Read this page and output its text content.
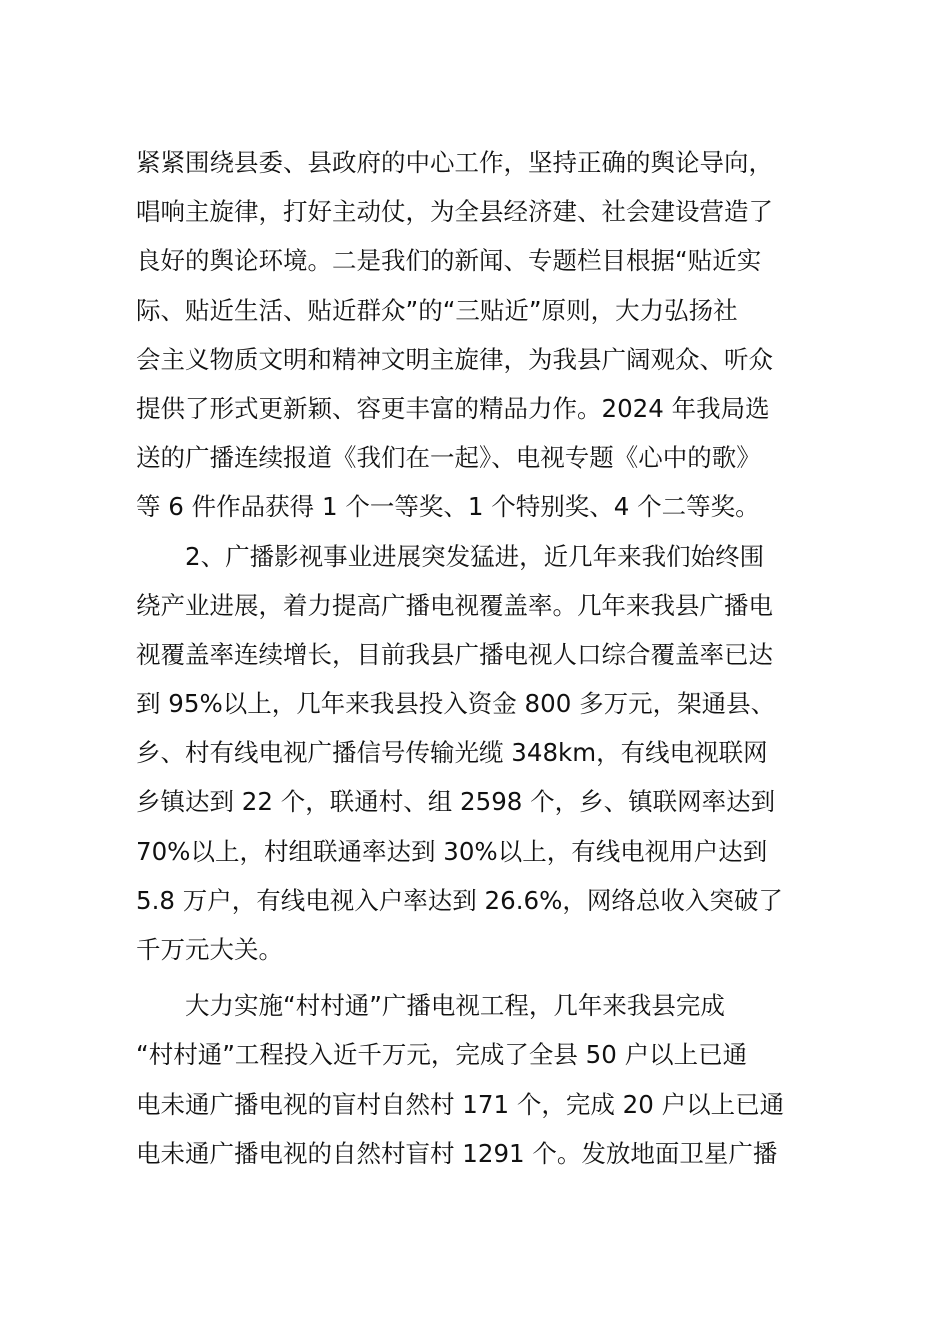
紧紧围绕县委、县政府的中心工作，坚持正确的舆论导向，
唱响主旋律，打好主动仗，为全县经济建、社会建设营造了
良好的舆论环境。二是我们的新闻、专题栏目根据“贴近实
际、贴近生活、贴近群众”的“三贴近”原则，大力弘扬社
会主义物质文明和精神文明主旋律，为我县广阔观众、听众
提供了形式更新颖、容更丰富的精品力作。2024 年我局选
送的广播连续报道《我们在一起》、电视专题《心中的歌》
等 6 件作品获得 1 个一等奖、1 个特别奖、4 个二等奖。
　　2、广播影视事业进展突发猛进，近几年来我们始终围
绕产业进展，着力提高广播电视覆盖率。几年来我县广播电
视覆盖率连续增长，目前我县广播电视人口综合覆盖率已达
到 95%以上，几年来我县投入资金 800 多万元，架通县、
乡、村有线电视广播信号传输光缆 348km，有线电视联网
乡镇达到 22 个，联通村、组 2598 个，乡、镇联网率达到
70%以上，村组联通率达到 30%以上，有线电视用户达到
5.8 万户，有线电视入户率达到 26.6%，网络总收入突破了
千万元大关。
　　大力实施“村村通”广播电视工程，几年来我县完成
“村村通”工程投入近千万元，完成了全县 50 户以上已通
电未通广播电视的盲村自然村 171 个，完成 20 户以上已通
电未通广播电视的自然村盲村 1291 个。发放地面卫星广播
